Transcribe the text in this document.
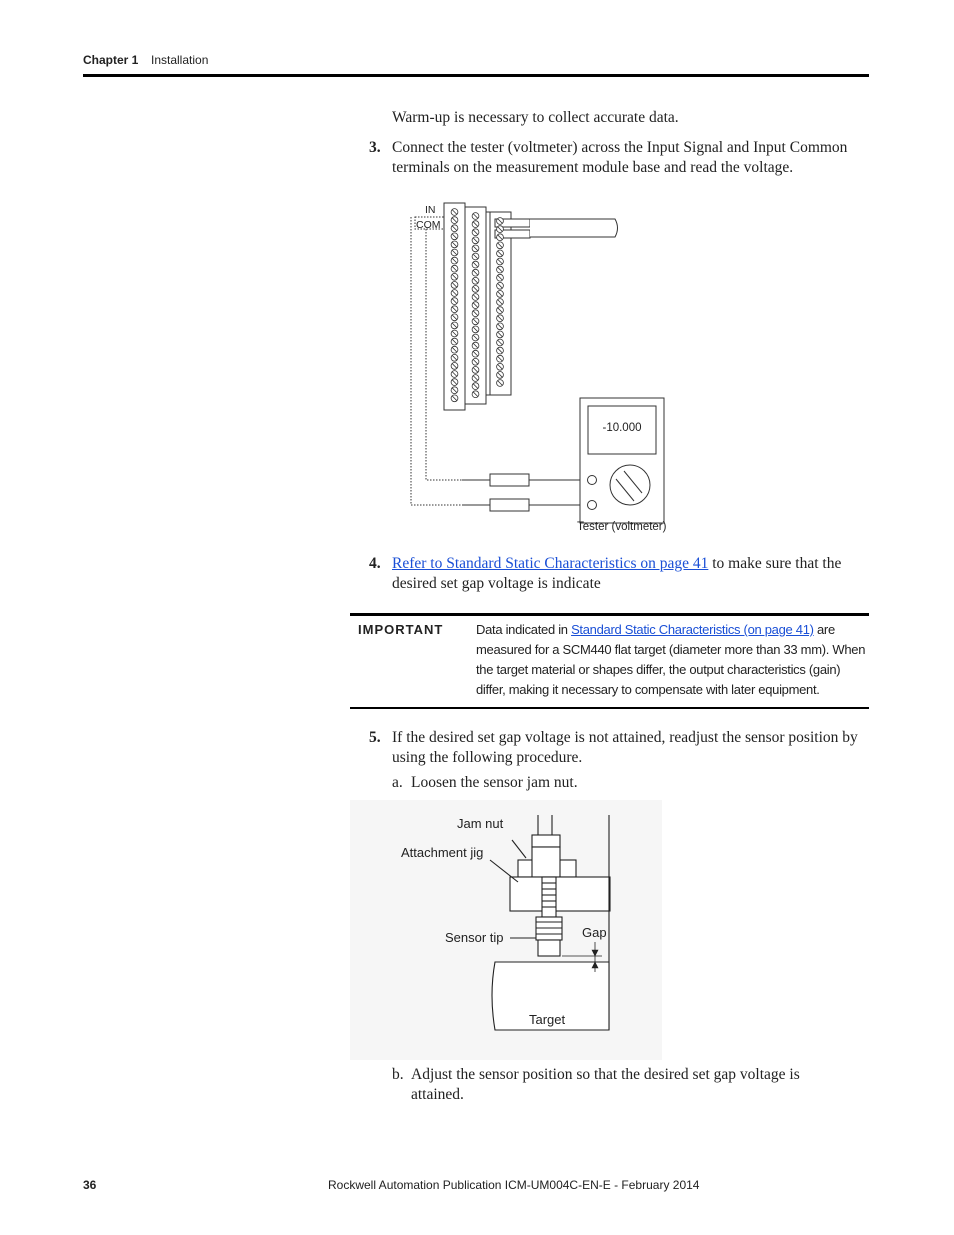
Chapter 1 Installation
Warm-up is necessary to collect accurate data.
3. Connect the tester (voltmeter) across the Input Signal and Input Common terminals on the measurement module base and read the voltage.
IN
COM
-10.000
Tester (voltmeter)
4. Refer to Standard Static Characteristics on page 41 to make sure that the desired set gap voltage is indicate
IMPORTANT	Data indicated in Standard Static Characteristics (on page 41) are measured for a SCM440 flat target (diameter more than 33 mm). When the target material or shapes differ, the output characteristics (gain) differ, making it necessary to compensate with later equipment.
5. If the desired set gap voltage is not attained, readjust the sensor position by using the following procedure.
a. Loosen the sensor jam nut.
Jam nut
Attachment jig
Sensor tip	Gap
Target
b. Adjust the sensor position so that the desired set gap voltage is attained.
36	Rockwell Automation Publication ICM-UM004C-EN-E - February 2014
